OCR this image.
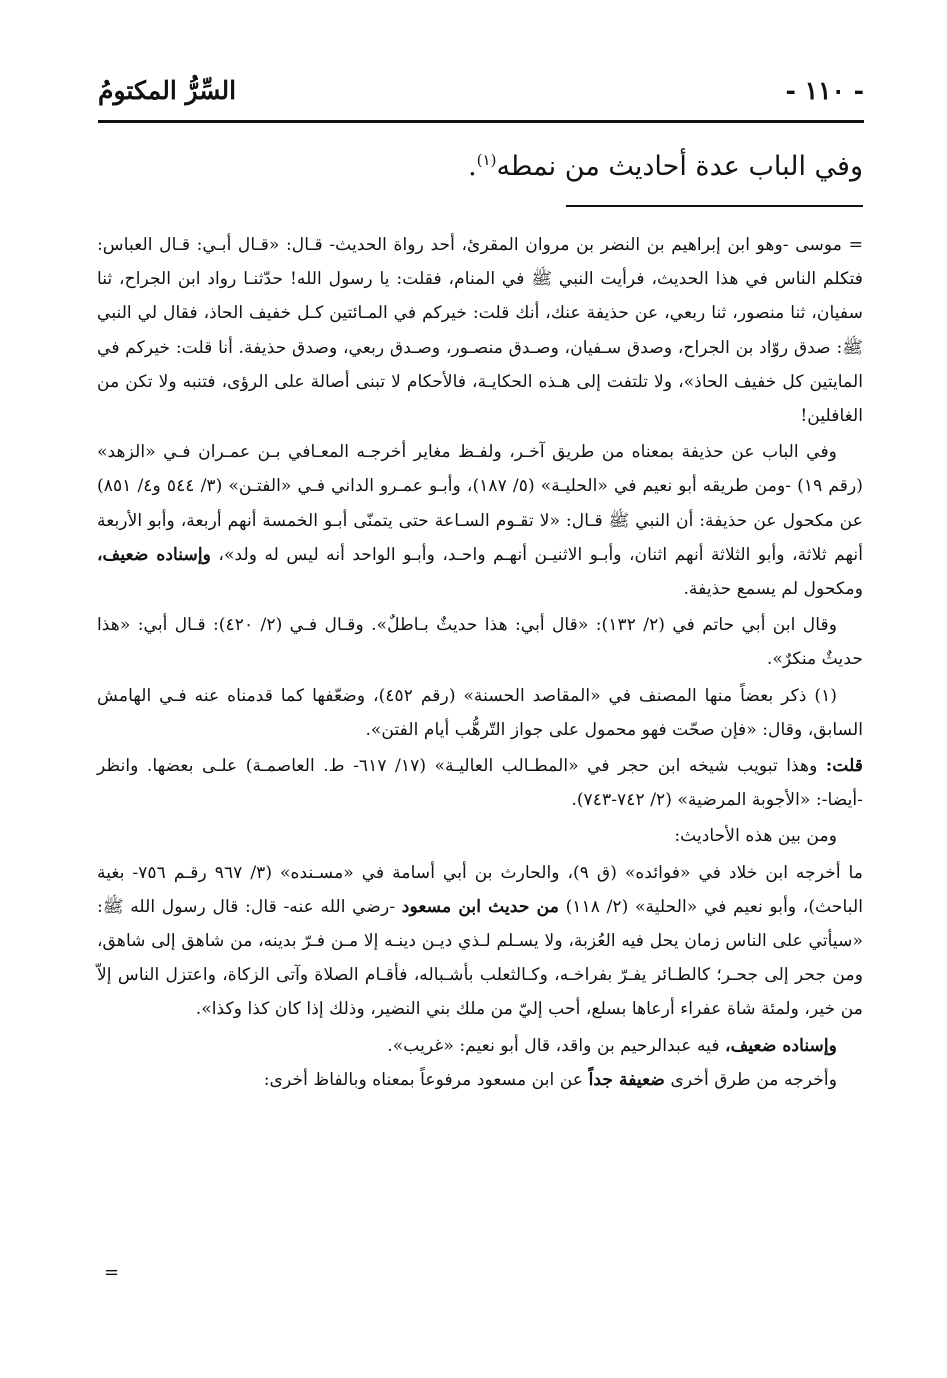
السِّرُّ المكتومُ	- ١١٠ -
وفي الباب عدة أحاديث من نمطه$^{(١)}$.

= موسى -وهو ابن إبراهيم بن النضر بن مروان المقرئ، أحد رواة الحديث- قـال: «قـال أبـي: قـال العباس: فتكلم الناس في هذا الحديث، فرأيت النبي ﷺ في المنام، فقلت: يا رسول الله! حدّثنـا رواد ابن الجراح، ثنا سفيان، ثنا منصور، ثنا ربعي، عن حذيفة عنك، أنك قلت: خيركم في المـائتين كـل خفيف الحاذ، فقال لي النبي ﷺ: صدق روّاد بن الجراح، وصدق سـفيان، وصـدق منصـور، وصـدق ربعي، وصدق حذيفة. أنا قلت: خيركم في المايتين كل خفيف الحاذ»، ولا تلتفت إلى هـذه الحكايـة، فالأحكام لا تبنى أصالة على الرؤى، فتنبه ولا تكن من الغافلين!

وفي الباب عن حذيفة بمعناه من طريق آخـر، ولفـظ مغاير أخرجـه المعـافي بـن عمـران فـي «الزهد» (رقم ١٩) -ومن طريقه أبو نعيم في «الحليـة» (٥/ ١٨٧)، وأبـو عمـرو الداني فـي «الفتـن» (٣/ ٥٤٤ و٤/ ٨٥١) عن مكحول عن حذيفة: أن النبي ﷺ قـال: «لا تقـوم السـاعة حتى يتمنّى أبـو الخمسة أنهم أربعة، وأبو الأربعة أنهم ثلاثة، وأبو الثلاثة أنهم اثنان، وأبـو الاثنيـن أنهـم واحـد، وأبـو الواحد أنه ليس له ولد»، وإسناده ضعيف، ومكحول لم يسمع حذيفة.

وقال ابن أبي حاتم في (٢/ ١٣٢): «قال أبي: هذا حديثٌ بـاطلٌ». وقـال فـي (٢/ ٤٢٠): قـال أبي: «هذا حديثٌ منكرٌ».

(١) ذكر بعضاً منها المصنف في «المقاصد الحسنة» (رقم ٤٥٢)، وضعّفها كما قدمناه عنه فـي الهامش السابق، وقال: «فإن صحّت فهو محمول على جواز التّرهُّب أيام الفتن».

قلت: وهذا تبويب شيخه ابن حجر في «المطـالب العاليـة» (١٧/ ٦١٧- ط. العاصمـة) علـى بعضها. وانظر -أيضا-: «الأجوبة المرضية» (٢/ ٧٤٢-٧٤٣).

ومن بين هذه الأحاديث:

ما أخرجه ابن خلاد في «فوائده» (ق ٩)، والحارث بن أبي أسامة في «مسـنده» (٣/ ٩٦٧ رقـم ٧٥٦- بغية الباحث)، وأبو نعيم في «الحلية» (٢/ ١١٨) من حديث ابن مسعود -رضي الله عنه- قال: قال رسول الله ﷺ: «سيأتي على الناس زمان يحل فيه العُزبة، ولا يسـلم لـذي ديـن دينـه إلا مـن فـرّ بدينه، من شاهق إلى شاهق، ومن جحر إلى جحـر؛ كالطـائر يفـرّ بفراخـه، وكـالثعلب بأشـباله، فأقـام الصلاة وآتى الزكاة، واعتزل الناس إلاّ من خير، ولمئة شاة عفراء أرعاها بسلع، أحب إليّ من ملك بني النضير، وذلك إذا كان كذا وكذا».

وإسناده ضعيف، فيه عبدالرحيم بن واقد، قال أبو نعيم: «غريب».

وأخرجه من طرق أخرى ضعيفة جداً عن ابن مسعود مرفوعاً بمعناه وبالفاظ أخرى:

=
